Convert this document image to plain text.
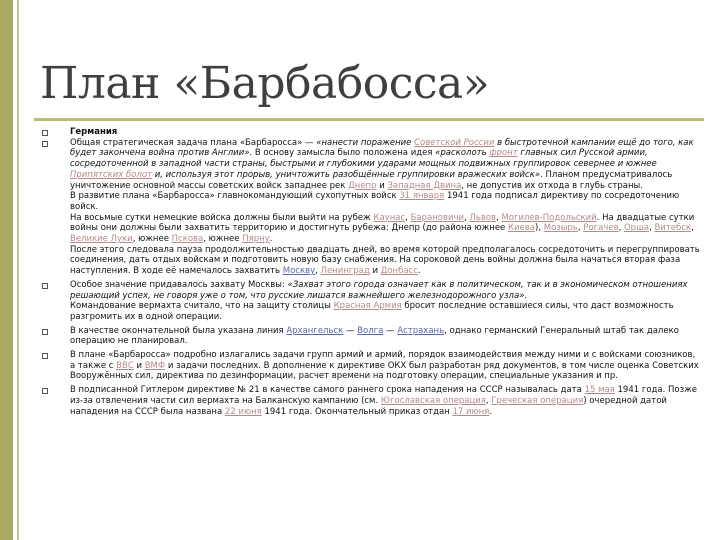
План «Барбабосса»
Германия
Общая стратегическая задача плана «Барбаросса» — «нанести поражение Советской России в быстротечной кампании ещё до того, как будет закончена война против Англии». В основу замысла было положена идея «расколоть фронт главных сил Русской армии, сосредоточенной в западной части страны, быстрыми и глубокими ударами мощных подвижных группировок севернее и южнее Припятских болот и, используя этот прорыв, уничтожить разобщённые группировки вражеских войск». Планом предусматривалось уничтожение основной массы советских войск западнее рек Днепр и Западная Двина, не допустив их отхода в глубь страны.
В развитие плана «Барбаросса» главнокомандующий сухопутных войск 31 января 1941 года подписал директиву по сосредоточению войск.
На восьмые сутки немецкие войска должны были выйти на рубеж Каунас, Барановичи, Львов, Могилев-Подольский. На двадцатые сутки войны они должны были захватить территорию и достигнуть рубежа: Днепр (до района южнее Киева), Мозырь, Рогачев, Орша, Витебск, Великие Луки, южнее Пскова, южнее Пярну.
После этого следовала пауза продолжительностью двадцать дней, во время которой предполагалось сосредоточить и перегруппировать соединения, дать отдых войскам и подготовить новую базу снабжения. На сороковой день войны должна была начаться вторая фаза наступления. В ходе её намечалось захватить Москву, Ленинград и Донбасс.
Особое значение придавалось захвату Москвы: «Захват этого города означает как в политическом, так и в экономическом отношениях решающий успех, не говоря уже о том, что русские лишатся важнейшего железнодорожного узла».
Командование вермахта считало, что на защиту столицы Красная Армия бросит последние оставшиеся силы, что даст возможность разгромить их в одной операции.
В качестве окончательной была указана линия Архангельск — Волга — Астрахань, однако германский Генеральный штаб так далеко операцию не планировал.
В плане «Барбаросса» подробно излагались задачи групп армий и армий, порядок взаимодействия между ними и с войсками союзников, а также с ВВС и ВМФ и задачи последних. В дополнение к директиве ОКХ был разработан ряд документов, в том числе оценка Советских Вооружённых сил, директива по дезинформации, расчет времени на подготовку операции, специальные указания и пр.
В подписанной Гитлером директиве № 21 в качестве самого раннего срока нападения на СССР называлась дата 15 мая 1941 года. Позже из-за отвлечения части сил вермахта на Балканскую кампанию (см. Югославская операция, Греческая операция) очередной датой нападения на СССР была названа 22 июня 1941 года. Окончательный приказ отдан 17 июня.
